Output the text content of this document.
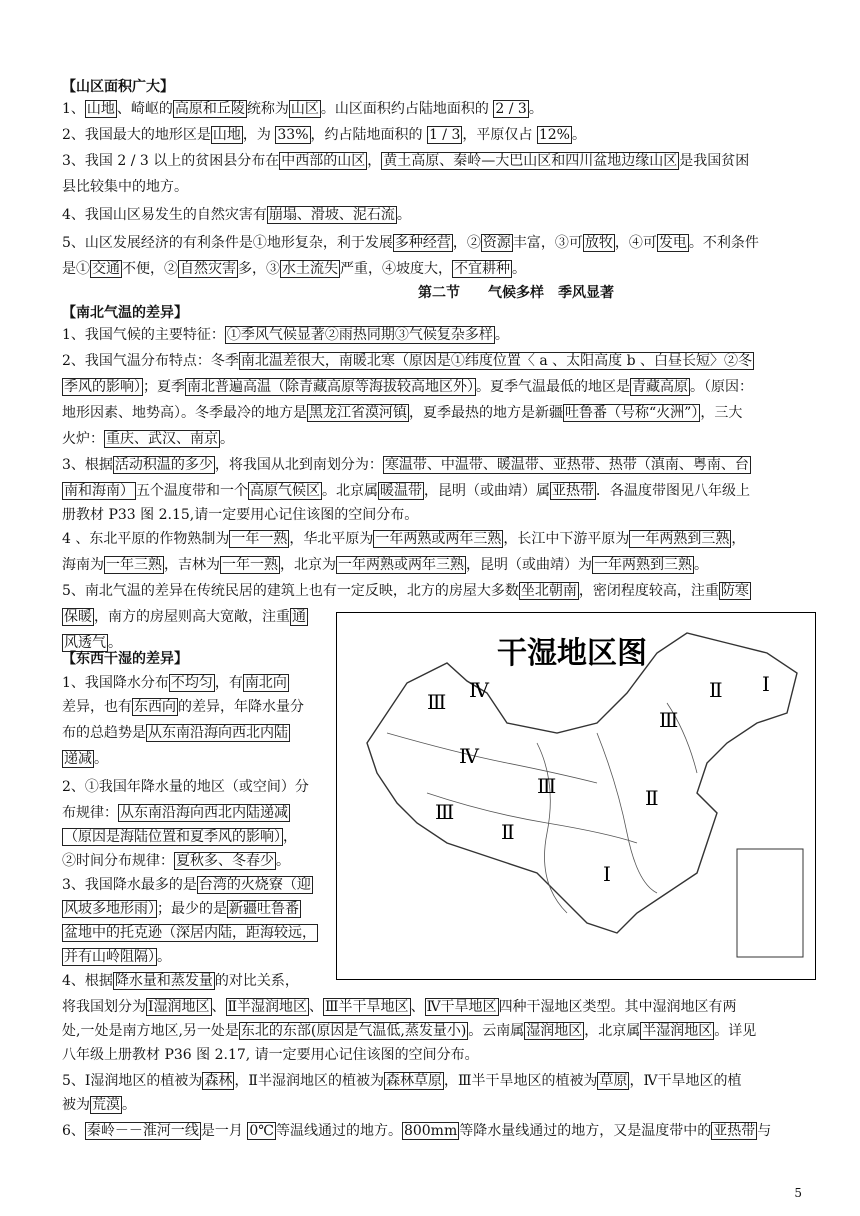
【山区面积广大】
1、 山地 、崎岖的 高原和丘陵 统称为 山区 。山区面积约占陆地面积的 2 / 3 。
2、我国最大的地形区是 山地 ，为 33% ，约占陆地面积的 1 / 3 ，平原仅占 12% 。
3、我国 2 / 3 以上的贫困县分布在 中西部的山区 ， 黄土高原、秦岭—大巴山区和四川盆地边缘山区 是我国贫困
县比较集中的地方。
4、我国山区易发生的自然灾害有 崩塌、滑坡、泥石流 。
5、山区发展经济的有利条件是①地形复杂，利于发展 多种经营 ，② 资源 丰富，③可 放牧 ，④可 发电 。不利条件
是① 交通 不便，② 自然灾害 多，③ 水土流失 严重，④坡度大， 不宜耕种 。
第二节　　气候多样　季风显著
【南北气温的差异】
1、我国气候的主要特征： ①季风气候显著②雨热同期③气候复杂多样 。
2、我国气温分布特点：冬季 南北温差很大，南暖北寒（原因是①纬度位置〈 a 、太阳高度 b 、白昼长短〉②冬
季风的影响） ；夏季 南北普遍高温（除青藏高原等海拔较高地区外） 。夏季气温最低的地区是 青藏高原 。（原因：
地形因素、地势高）。冬季最冷的地方是 黑龙江省漠河镇 ，夏季最热的地方是新疆 吐鲁番（号称“火洲”） ，三大
火炉： 重庆、武汉、南京 。
3、根据 活动积温的多少 ，将我国从北到南划分为： 寒温带、中温带、暖温带、亚热带、热带（滇南、粤南、台
南和海南） 五个温度带和一个 高原气候区 。北京属 暖温带 ，昆明（或曲靖）属 亚热带 ．各温度带图见八年级上
册教材 P33 图 2.15,请一定要用心记住该图的空间分布。
4 、东北平原的作物熟制为 一年一熟 ，华北平原为 一年两熟或两年三熟 ，长江中下游平原为 一年两熟到三熟 ，
海南为 一年三熟 ，吉林为 一年一熟 ，北京为 一年两熟或两年三熟 ，昆明（或曲靖）为 一年两熟到三熟 。
5、南北气温的差异在传统民居的建筑上也有一定反映，北方的房屋大多数 坐北朝南 ，密闭程度较高，注重 防寒
保暖 ，南方的房屋则高大宽敞，注重 通
风透气 。
【东西干湿的差异】
1、我国降水分布 不均匀 ，有 南北向
差异，也有 东西向 的差异，年降水量分
布的总趋势是 从东南沿海向西北内陆
递减 。
2、①我国年降水量的地区（或空间）分
布规律： 从东南沿海向西北内陆递减
（原因是海陆位置和夏季风的影响） ，
②时间分布规律： 夏秋多、冬春少 。
3、我国降水最多的是 台湾的火烧寮（迎
风坡多地形雨） ；最少的是 新疆吐鲁番
盆地中的托克逊（深居内陆，距海较远，
并有山岭阻隔） 。
4、根据 降水量和蒸发量 的对比关系，
将我国划分为 Ⅰ湿润地区 、 Ⅱ半湿润地区 、 Ⅲ半干旱地区 、 Ⅳ干旱地区 四种干湿地区类型。其中湿润地区有两
处,一处是南方地区,另一处是 东北的东部(原因是气温低,蒸发量小) 。云南属 湿润地区 ，北京属 半湿润地区 。详见
八年级上册教材 P36 图 2.17, 请一定要用心记住该图的空间分布。
5、Ⅰ湿润地区的植被为 森林 ，Ⅱ半湿润地区的植被为 森林草原 ，Ⅲ半干旱地区的植被为 草原 ，Ⅳ干旱地区的植
被为 荒漠 。
6、 秦岭－－淮河一线 是一月 0℃ 等温线通过的地方。 800mm 等降水量线通过的地方，又是温度带中的 亚热带 与
干湿地区图
Ⅰ
Ⅱ
Ⅲ
Ⅳ
Ⅲ
Ⅳ
Ⅲ	Ⅱ
Ⅲ
Ⅱ
Ⅰ
5
